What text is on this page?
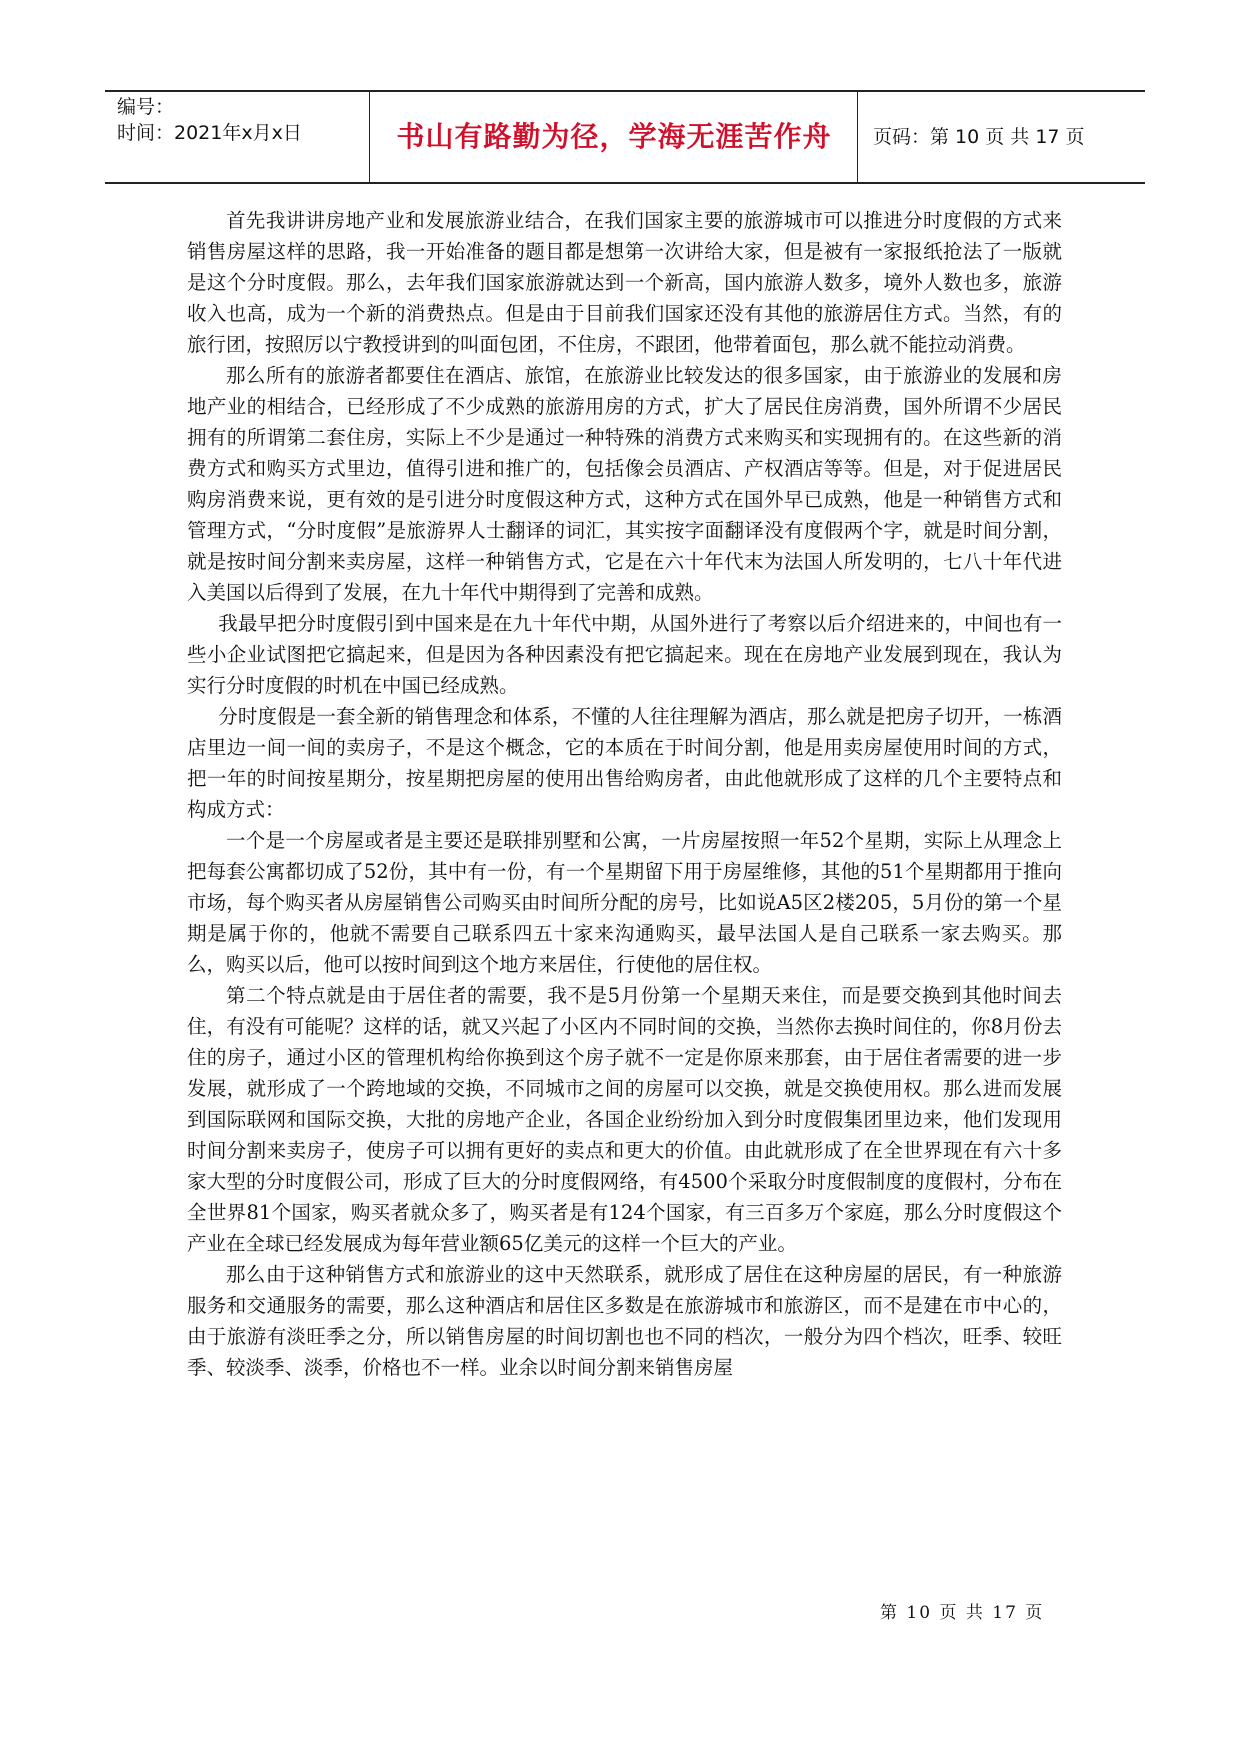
编号：
时间：2021年x月x日	书山有路勤为径，学海无涯苦作舟	页码：第 10 页 共 17 页

首先我讲讲房地产业和发展旅游业结合，在我们国家主要的旅游城市可以推进分时度假的方式来销售房屋这样的思路，我一开始准备的题目都是想第一次讲给大家，但是被有一家报纸抢法了一版就是这个分时度假。那么，去年我们国家旅游就达到一个新高，国内旅游人数多，境外人数也多，旅游收入也高，成为一个新的消费热点。但是由于目前我们国家还没有其他的旅游居住方式。当然，有的旅行团，按照厉以宁教授讲到的叫面包团，不住房，不跟团，他带着面包，那么就不能拉动消费。

那么所有的旅游者都要住在酒店、旅馆，在旅游业比较发达的很多国家，由于旅游业的发展和房地产业的相结合，已经形成了不少成熟的旅游用房的方式，扩大了居民住房消费，国外所谓不少居民拥有的所谓第二套住房，实际上不少是通过一种特殊的消费方式来购买和实现拥有的。在这些新的消费方式和购买方式里边，值得引进和推广的，包括像会员酒店、产权酒店等等。但是，对于促进居民购房消费来说，更有效的是引进分时度假这种方式，这种方式在国外早已成熟，他是一种销售方式和管理方式，“分时度假”是旅游界人士翻译的词汇，其实按字面翻译没有度假两个字，就是时间分割，就是按时间分割来卖房屋，这样一种销售方式，它是在六十年代末为法国人所发明的，七八十年代进入美国以后得到了发展，在九十年代中期得到了完善和成熟。

我最早把分时度假引到中国来是在九十年代中期，从国外进行了考察以后介绍进来的，中间也有一些小企业试图把它搞起来，但是因为各种因素没有把它搞起来。现在在房地产业发展到现在，我认为实行分时度假的时机在中国已经成熟。

分时度假是一套全新的销售理念和体系，不懂的人往往理解为酒店，那么就是把房子切开，一栋酒店里边一间一间的卖房子，不是这个概念，它的本质在于时间分割，他是用卖房屋使用时间的方式，把一年的时间按星期分，按星期把房屋的使用出售给购房者，由此他就形成了这样的几个主要特点和构成方式：

一个是一个房屋或者是主要还是联排别墅和公寓，一片房屋按照一年52个星期，实际上从理念上把每套公寓都切成了52份，其中有一份，有一个星期留下用于房屋维修，其他的51个星期都用于推向市场，每个购买者从房屋销售公司购买由时间所分配的房号，比如说A5区2楼205，5月份的第一个星期是属于你的，他就不需要自己联系四五十家来沟通购买，最早法国人是自己联系一家去购买。那么，购买以后，他可以按时间到这个地方来居住，行使他的居住权。

第二个特点就是由于居住者的需要，我不是5月份第一个星期天来住，而是要交换到其他时间去住，有没有可能呢？这样的话，就又兴起了小区内不同时间的交换，当然你去换时间住的，你8月份去住的房子，通过小区的管理机构给你换到这个房子就不一定是你原来那套，由于居住者需要的进一步发展，就形成了一个跨地域的交换，不同城市之间的房屋可以交换，就是交换使用权。那么进而发展到国际联网和国际交换，大批的房地产企业，各国企业纷纷加入到分时度假集团里边来，他们发现用时间分割来卖房子，使房子可以拥有更好的卖点和更大的价值。由此就形成了在全世界现在有六十多家大型的分时度假公司，形成了巨大的分时度假网络，有4500个采取分时度假制度的度假村，分布在全世界81个国家，购买者就众多了，购买者是有124个国家，有三百多万个家庭，那么分时度假这个产业在全球已经发展成为每年营业额65亿美元的这样一个巨大的产业。

那么由于这种销售方式和旅游业的这中天然联系，就形成了居住在这种房屋的居民，有一种旅游服务和交通服务的需要，那么这种酒店和居住区多数是在旅游城市和旅游区，而不是建在市中心的，由于旅游有淡旺季之分，所以销售房屋的时间切割也也不同的档次，一般分为四个档次，旺季、较旺季、较淡季、淡季，价格也不一样。业余以时间分割来销售房屋

第 10 页 共 17 页
